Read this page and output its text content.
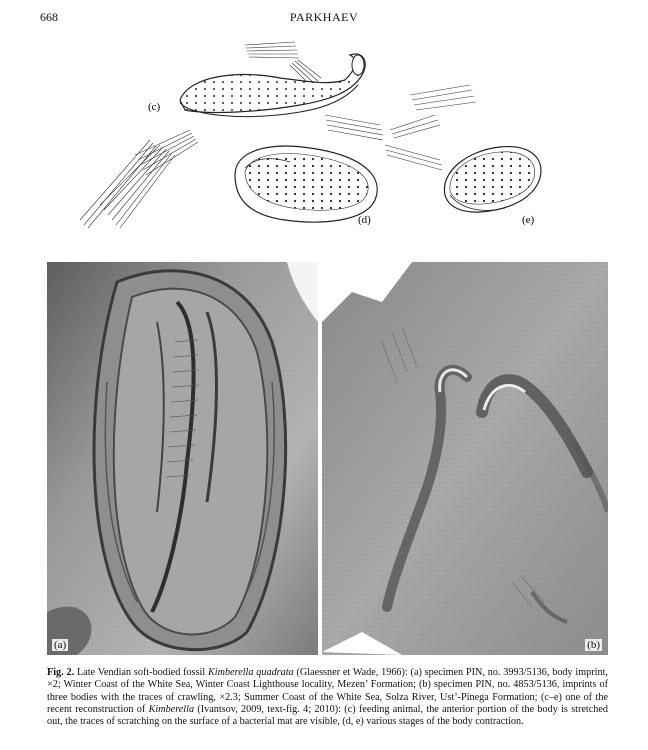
668	PARKHAEV
(c)
(d)	(e)
(a)	(b)
Fig. 2. Late Vendian soft-bodied fossil Kimberella quadrata (Glaessner et Wade, 1966): (a) specimen PIN, no. 3993/5136, body imprint, ×2; Winter Coast of the White Sea, Winter Coast Lighthouse locality, Mezen’ Formation; (b) specimen PIN, no. 4853/5136, imprints of three bodies with the traces of crawling, ×2.3; Summer Coast of the White Sea, Solza River, Ust’-Pinega Formation; (c–e) one of the recent reconstruction of Kimberella (Ivantsov, 2009, text-fig. 4; 2010): (c) feeding animal, the anterior portion of the body is stretched out, the traces of scratching on the surface of a bacterial mat are visible, (d, e) various stages of the body contraction.
